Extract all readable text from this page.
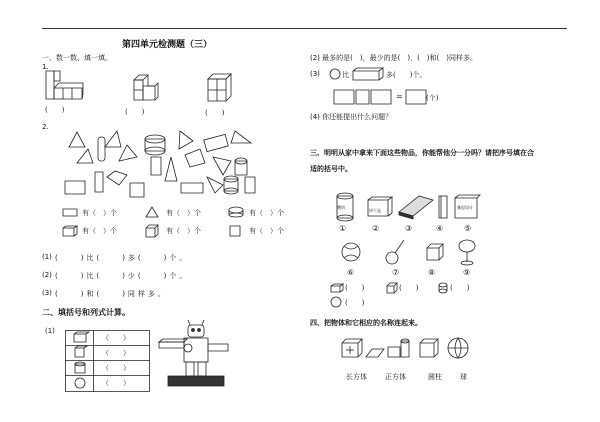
第四单元检测题（三）
一、数一数、填一填。
1.
(　　)	(　　)	(　　)
2.
有（　）个	有（　）个	有（　）个
有（　）个	有（　）个	有（　）个
(1) (　　)比(　　)多(　　)个。
(2) (　　)比(　　)少(　　)个。
(3) (　　)和(　　)同样多。
二、填括号和列式计算。
(1)
（　　）
（　　）
（　　）
（　　）
(2) 最多的是(　)，最少的是(　)，(　)和(　)同样多。
(3)	比	多(　　)个。
=	(个)
(4) 你还能提出什么问题？
三、明明从家中拿来下面这些物品，你能帮他分一分吗？请把序号填在合
适的括号中。
酸奶
饼干盒
雅思设计
①	②	③	④	⑤
⑥	⑦	⑧	⑨
(　　)	(　　)	(　　)
(　　)
四、把物体和它相应的名称连起来。
长方体	正方体	圆柱	球
